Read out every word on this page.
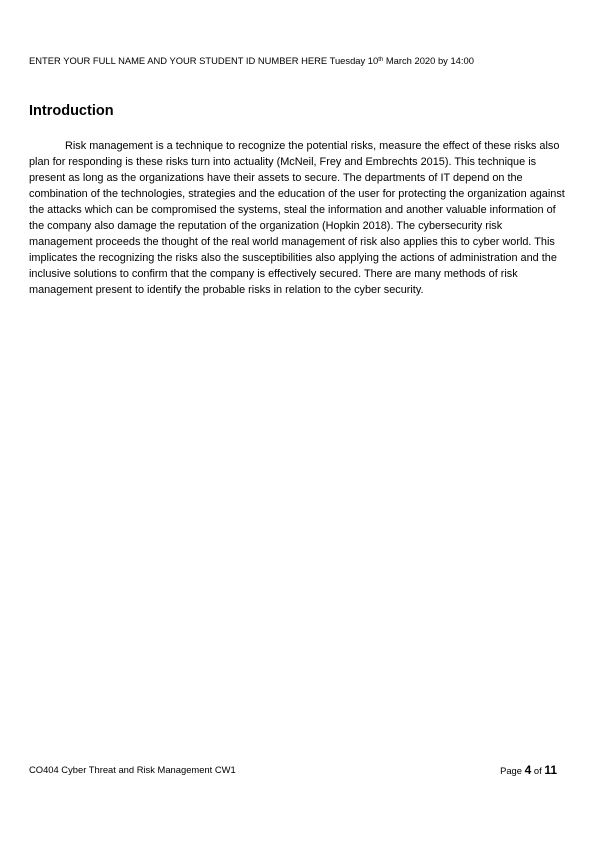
ENTER YOUR FULL NAME AND YOUR STUDENT ID NUMBER HERE Tuesday 10th March 2020 by 14:00
Introduction

Risk management is a technique to recognize the potential risks, measure the effect of these risks also plan for responding is these risks turn into actuality (McNeil, Frey and Embrechts 2015). This technique is present as long as the organizations have their assets to secure. The departments of IT depend on the combination of the technologies, strategies and the education of the user for protecting the organization against the attacks which can be compromised the systems, steal the information and another valuable information of the company also damage the reputation of the organization (Hopkin 2018). The cybersecurity risk management proceeds the thought of the real world management of risk also applies this to cyber world. This implicates the recognizing the risks also the susceptibilities also applying the actions of administration and the inclusive solutions to confirm that the company is effectively secured. There are many methods of risk management present to identify the probable risks in relation to the cyber security.

CO404 Cyber Threat and Risk Management CW1	Page 4 of 11
